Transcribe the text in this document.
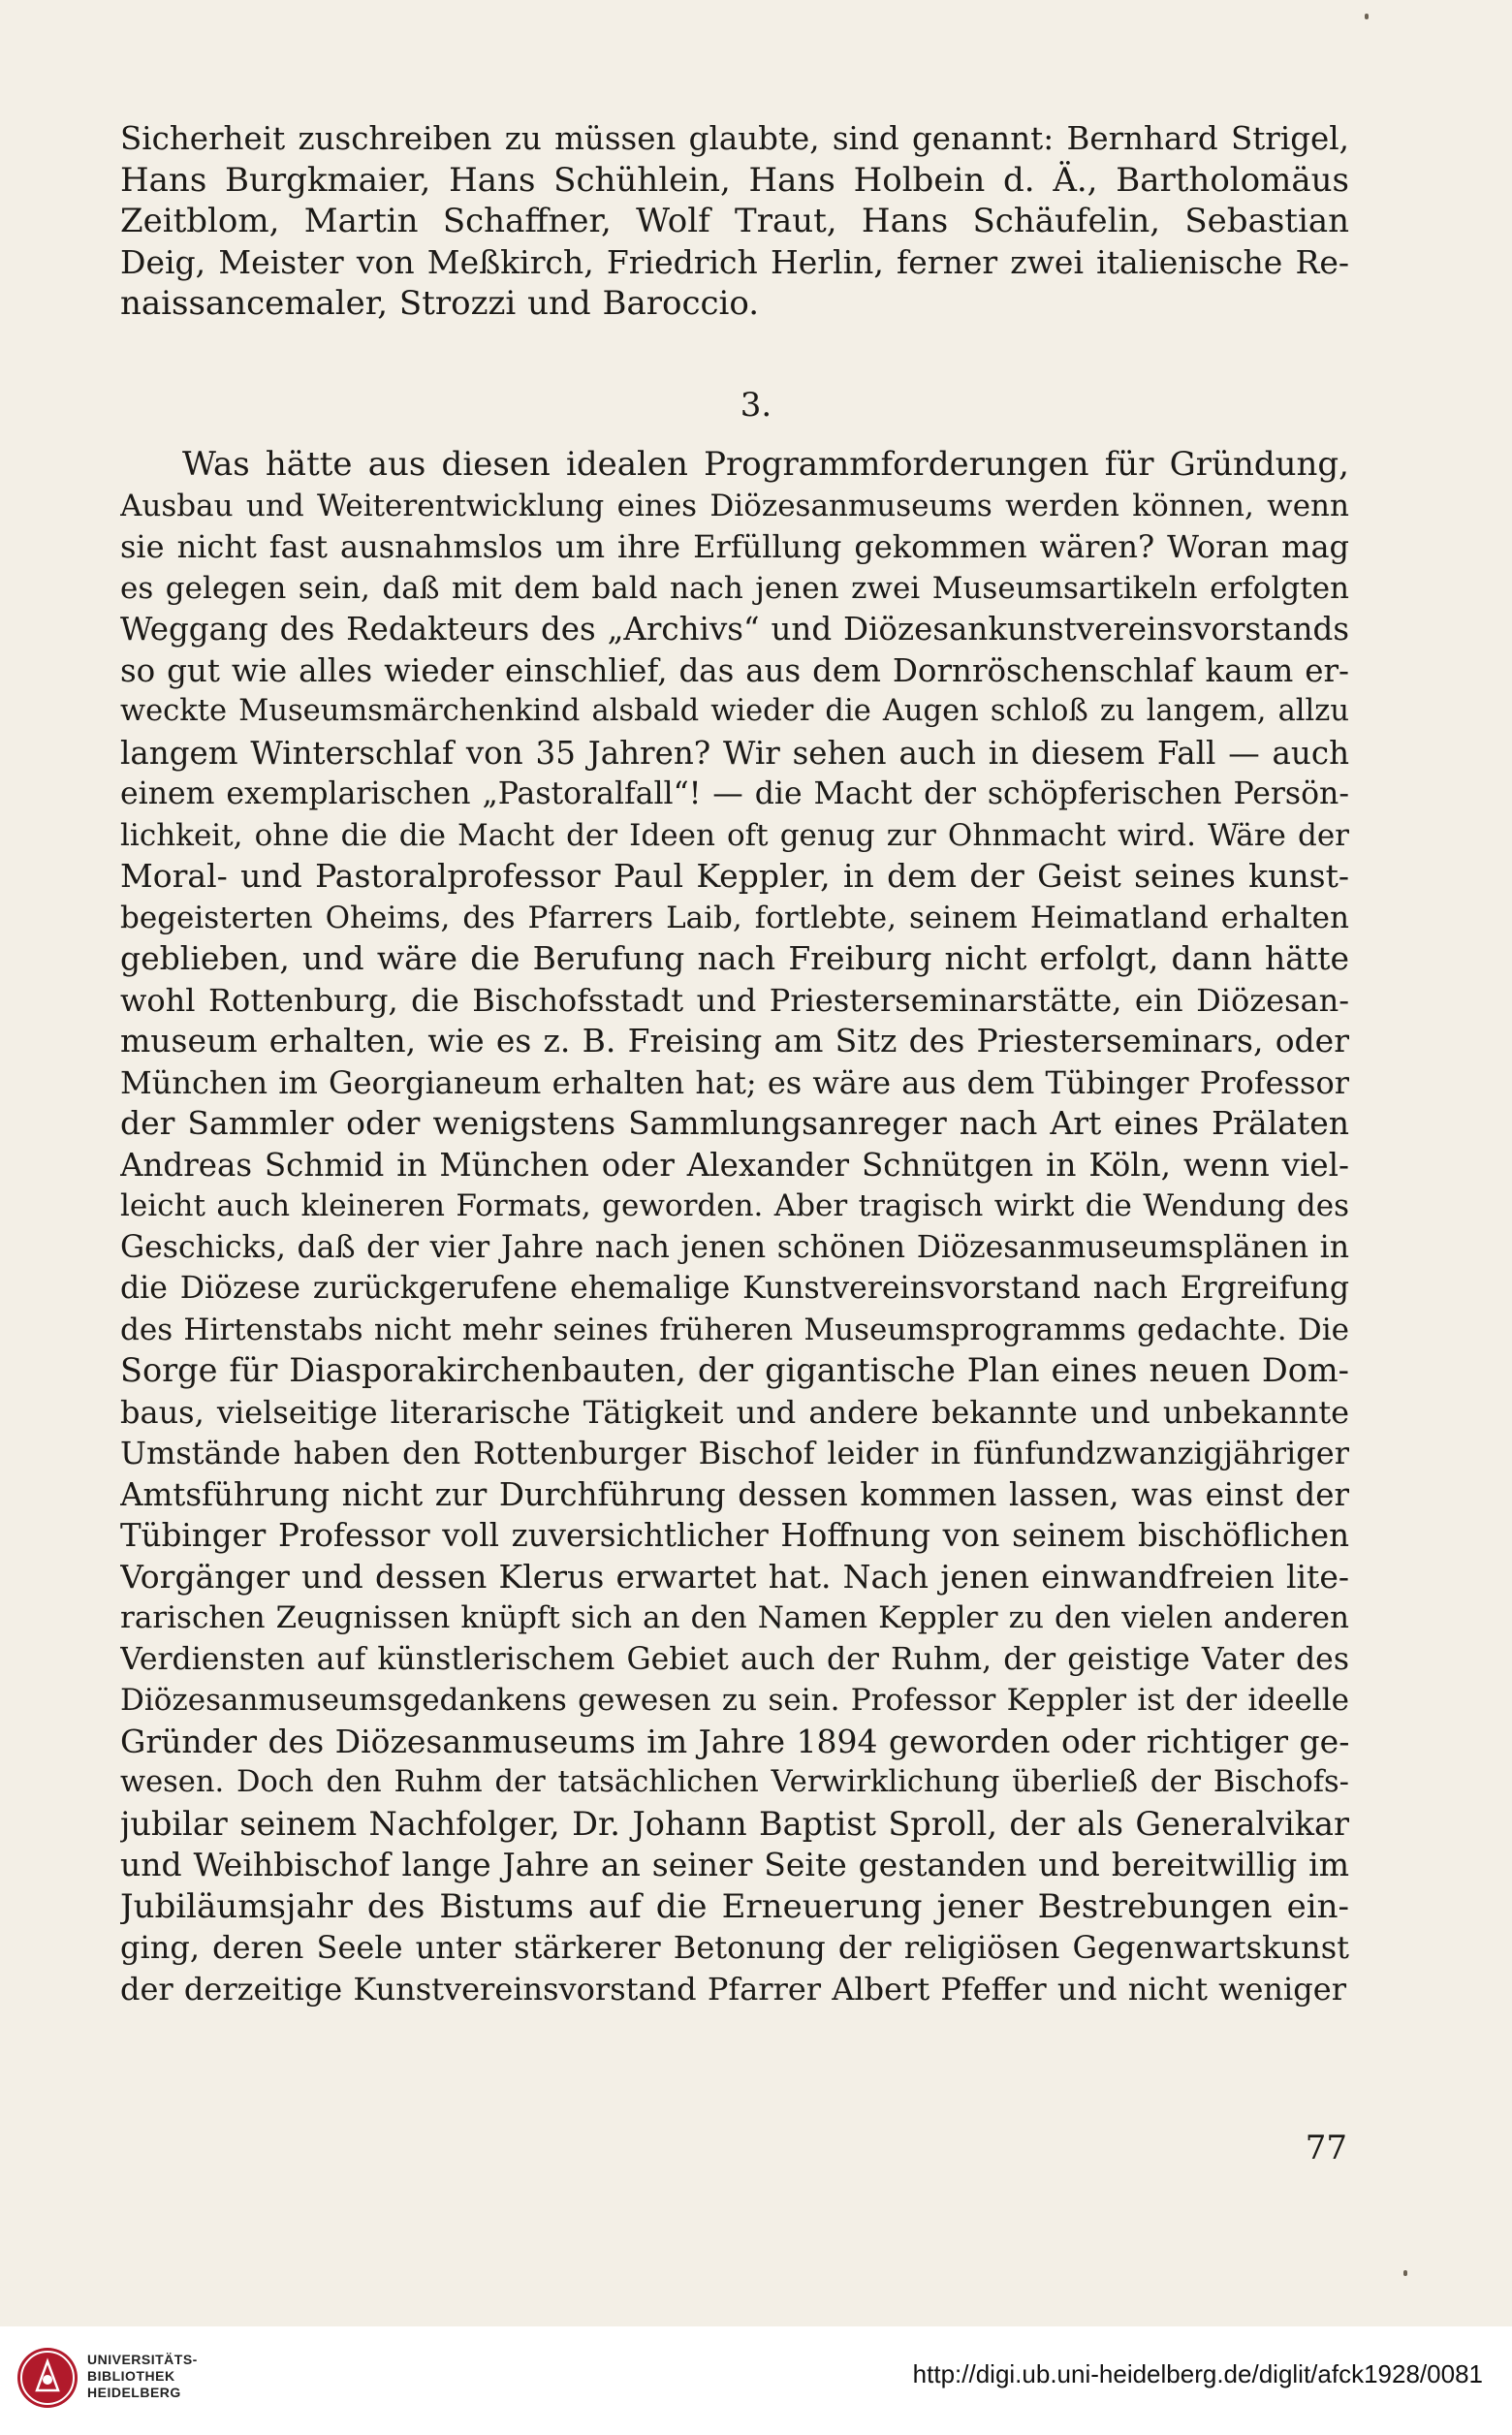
Sicherheit zuschreiben zu müssen glaubte, sind genannt: Bernhard Strigel,
Hans Burgkmaier, Hans Schühlein, Hans Holbein d. Ä., Bartholomäus
Zeitblom, Martin Schaffner, Wolf Traut, Hans Schäufelin, Sebastian
Deig, Meister von Meßkirch, Friedrich Herlin, ferner zwei italienische Re-
naissancemaler, Strozzi und Baroccio.
3.
Was hätte aus diesen idealen Programmforderungen für Gründung,
Ausbau und Weiterentwicklung eines Diözesanmuseums werden können, wenn
sie nicht fast ausnahmslos um ihre Erfüllung gekommen wären? Woran mag
es gelegen sein, daß mit dem bald nach jenen zwei Museumsartikeln erfolgten
Weggang des Redakteurs des „Archivs“ und Diözesankunstvereinsvorstands
so gut wie alles wieder einschlief, das aus dem Dornröschenschlaf kaum er-
weckte Museumsmärchenkind alsbald wieder die Augen schloß zu langem, allzu
langem Winterschlaf von 35 Jahren? Wir sehen auch in diesem Fall — auch
einem exemplarischen „Pastoralfall“! — die Macht der schöpferischen Persön-
lichkeit, ohne die die Macht der Ideen oft genug zur Ohnmacht wird. Wäre der
Moral- und Pastoralprofessor Paul Keppler, in dem der Geist seines kunst-
begeisterten Oheims, des Pfarrers Laib, fortlebte, seinem Heimatland erhalten
geblieben, und wäre die Berufung nach Freiburg nicht erfolgt, dann hätte
wohl Rottenburg, die Bischofsstadt und Priesterseminarstätte, ein Diözesan-
museum erhalten, wie es z. B. Freising am Sitz des Priesterseminars, oder
München im Georgianeum erhalten hat; es wäre aus dem Tübinger Professor
der Sammler oder wenigstens Sammlungsanreger nach Art eines Prälaten
Andreas Schmid in München oder Alexander Schnütgen in Köln, wenn viel-
leicht auch kleineren Formats, geworden. Aber tragisch wirkt die Wendung des
Geschicks, daß der vier Jahre nach jenen schönen Diözesanmuseumsplänen in
die Diözese zurückgerufene ehemalige Kunstvereinsvorstand nach Ergreifung
des Hirtenstabs nicht mehr seines früheren Museumsprogramms gedachte. Die
Sorge für Diasporakirchenbauten, der gigantische Plan eines neuen Dom-
baus, vielseitige literarische Tätigkeit und andere bekannte und unbekannte
Umstände haben den Rottenburger Bischof leider in fünfundzwanzigjähriger
Amtsführung nicht zur Durchführung dessen kommen lassen, was einst der
Tübinger Professor voll zuversichtlicher Hoffnung von seinem bischöflichen
Vorgänger und dessen Klerus erwartet hat. Nach jenen einwandfreien lite-
rarischen Zeugnissen knüpft sich an den Namen Keppler zu den vielen anderen
Verdiensten auf künstlerischem Gebiet auch der Ruhm, der geistige Vater des
Diözesanmuseumsgedankens gewesen zu sein. Professor Keppler ist der ideelle
Gründer des Diözesanmuseums im Jahre 1894 geworden oder richtiger ge-
wesen. Doch den Ruhm der tatsächlichen Verwirklichung überließ der Bischofs-
jubilar seinem Nachfolger, Dr. Johann Baptist Sproll, der als Generalvikar
und Weihbischof lange Jahre an seiner Seite gestanden und bereitwillig im
Jubiläumsjahr des Bistums auf die Erneuerung jener Bestrebungen ein-
ging, deren Seele unter stärkerer Betonung der religiösen Gegenwartskunst
der derzeitige Kunstvereinsvorstand Pfarrer Albert Pfeffer und nicht weniger
77
UNIVERSITÄTS-
BIBLIOTHEK
HEIDELBERG
http://digi.ub.uni-heidelberg.de/diglit/afck1928/0081
